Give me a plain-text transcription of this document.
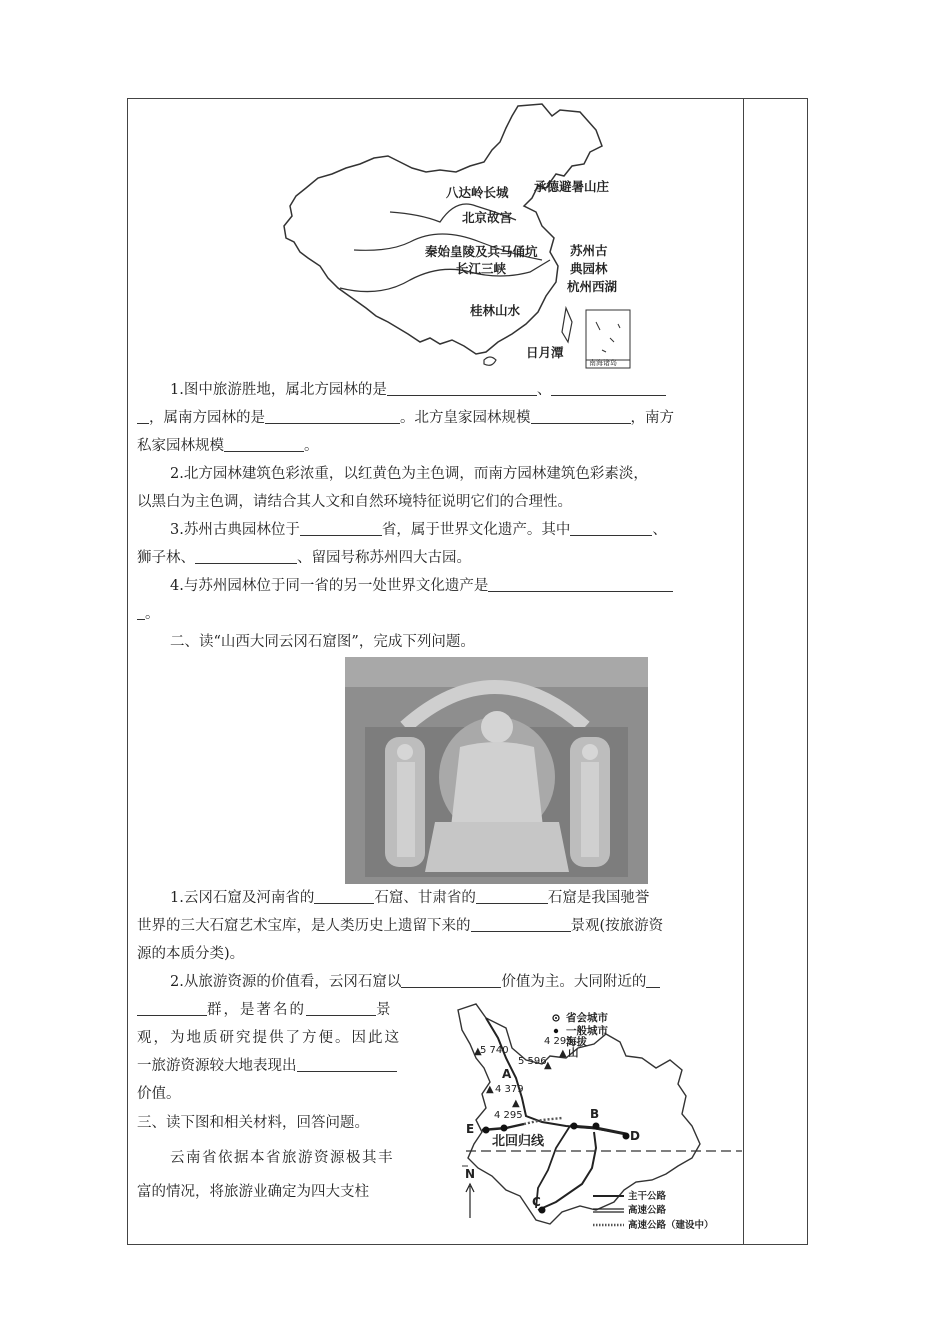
八达岭长城 承德避暑山庄
北京故宫
秦始皇陵及兵马俑坑
长江三峡
苏州古
典园林
杭州西湖
桂林山水
日月潭
南海诸岛
1.图中旅游胜地，属北方园林的是	、
，属南方园林的是	。北方皇家园林规模	，南方
私家园林规模	。
2.北方园林建筑色彩浓重，以红黄色为主色调，而南方园林建筑色彩素淡，
以黑白为主色调，请结合其人文和自然环境特征说明它们的合理性。
3.苏州古典园林位于	省，属于世界文化遗产。其中	、
狮子林、	、留园号称苏州四大古园。
4.与苏州园林位于同一省的另一处世界文化遗产是
。
二、读“山西大同云冈石窟图”，完成下列问题。
1.云冈石窟及河南省的	石窟、甘肃省的	石窟是我国驰誉
世界的三大石窟艺术宝库，是人类历史上遗留下来的	景观(按旅游资
源的本质分类)。
2.从旅游资源的价值看，云冈石窟以	价值为主。大同附近的
群，是著名的	景
观，为地质研究提供了方便。因此这
一旅游资源较大地表现出
价值。
三、读下图和相关材料，回答问题。
云南省依据本省旅游资源极其丰
富的情况，将旅游业确定为四大支柱
省会城市
一般城市
海拔
山
4 295
▲
5 740
▲
5 596
▲
A
▲ 4 379
▲
4 295	B
D
E
北回归线
N
C	主干公路
高速公路
高速公路（建设中）
